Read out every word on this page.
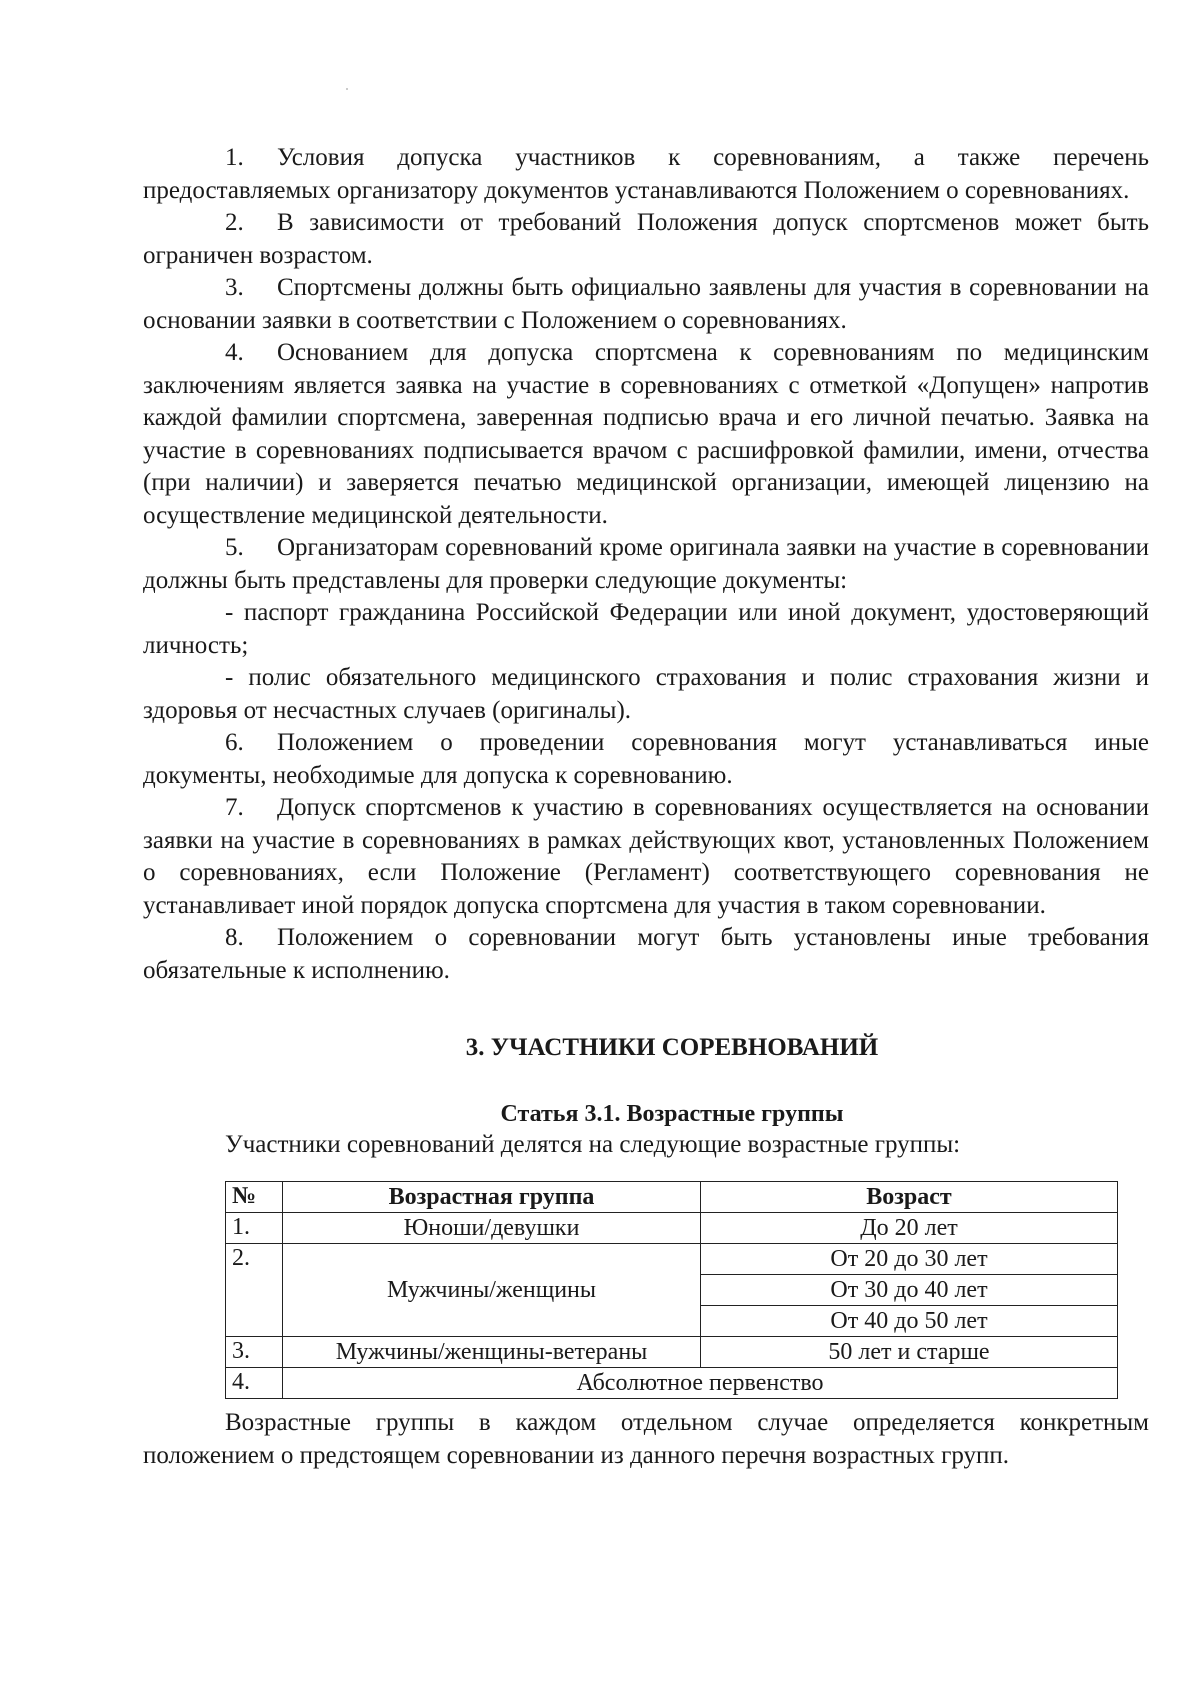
1. Условия допуска участников к соревнованиям, а также перечень предоставляемых организатору документов устанавливаются Положением о соревнованиях.

2. В зависимости от требований Положения допуск спортсменов может быть ограничен возрастом.

3. Спортсмены должны быть официально заявлены для участия в соревновании на основании заявки в соответствии с Положением о соревнованиях.

4. Основанием для допуска спортсмена к соревнованиям по медицинским заключениям является заявка на участие в соревнованиях с отметкой «Допущен» напротив каждой фамилии спортсмена, заверенная подписью врача и его личной печатью. Заявка на участие в соревнованиях подписывается врачом с расшифровкой фамилии, имени, отчества (при наличии) и заверяется печатью медицинской организации, имеющей лицензию на осуществление медицинской деятельности.

5. Организаторам соревнований кроме оригинала заявки на участие в соревновании должны быть представлены для проверки следующие документы:

- паспорт гражданина Российской Федерации или иной документ, удостоверяющий личность;

- полис обязательного медицинского страхования и полис страхования жизни и здоровья от несчастных случаев (оригиналы).

6. Положением о проведении соревнования могут устанавливаться иные документы, необходимые для допуска к соревнованию.

7. Допуск спортсменов к участию в соревнованиях осуществляется на основании заявки на участие в соревнованиях в рамках действующих квот, установленных Положением о соревнованиях, если Положение (Регламент) соответствующего соревнования не устанавливает иной порядок допуска спортсмена для участия в таком соревновании.

8. Положением о соревновании могут быть установлены иные требования обязательные к исполнению.

3. УЧАСТНИКИ СОРЕВНОВАНИЙ
Статья 3.1. Возрастные группы

Участники соревнований делятся на следующие возрастные группы:

№	Возрастная группа	Возраст
1.	Юноши/девушки	До 20 лет
2.	Мужчины/женщины	От 20 до 30 лет
		От 30 до 40 лет
		От 40 до 50 лет
3.	Мужчины/женщины-ветераны	50 лет и старше
4.	Абсолютное первенство	

Возрастные группы в каждом отдельном случае определяется конкретным положением о предстоящем соревновании из данного перечня возрастных групп.
